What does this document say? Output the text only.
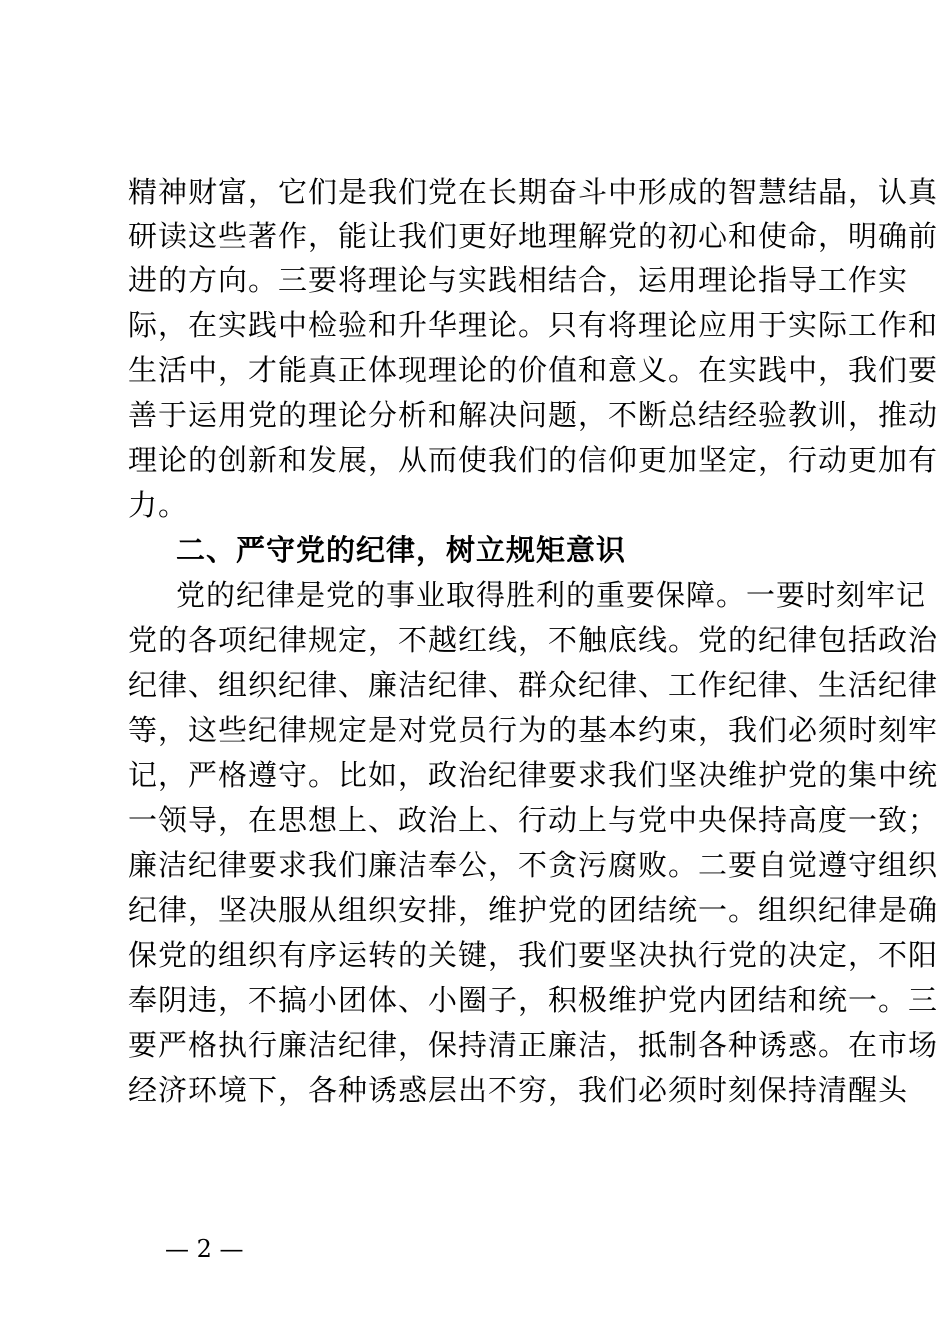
精神财富，它们是我们党在长期奋斗中形成的智慧结晶，认真
研读这些著作，能让我们更好地理解党的初心和使命，明确前
进的方向。三要将理论与实践相结合，运用理论指导工作实
际，在实践中检验和升华理论。只有将理论应用于实际工作和
生活中，才能真正体现理论的价值和意义。在实践中，我们要
善于运用党的理论分析和解决问题，不断总结经验教训，推动
理论的创新和发展，从而使我们的信仰更加坚定，行动更加有
力。
二、严守党的纪律，树立规矩意识
党的纪律是党的事业取得胜利的重要保障。一要时刻牢记
党的各项纪律规定，不越红线，不触底线。党的纪律包括政治
纪律、组织纪律、廉洁纪律、群众纪律、工作纪律、生活纪律
等，这些纪律规定是对党员行为的基本约束，我们必须时刻牢
记，严格遵守。比如，政治纪律要求我们坚决维护党的集中统
一领导，在思想上、政治上、行动上与党中央保持高度一致；
廉洁纪律要求我们廉洁奉公，不贪污腐败。二要自觉遵守组织
纪律，坚决服从组织安排，维护党的团结统一。组织纪律是确
保党的组织有序运转的关键，我们要坚决执行党的决定，不阳
奉阴违，不搞小团体、小圈子，积极维护党内团结和统一。三
要严格执行廉洁纪律，保持清正廉洁，抵制各种诱惑。在市场
经济环境下，各种诱惑层出不穷，我们必须时刻保持清醒头
— 2 —
